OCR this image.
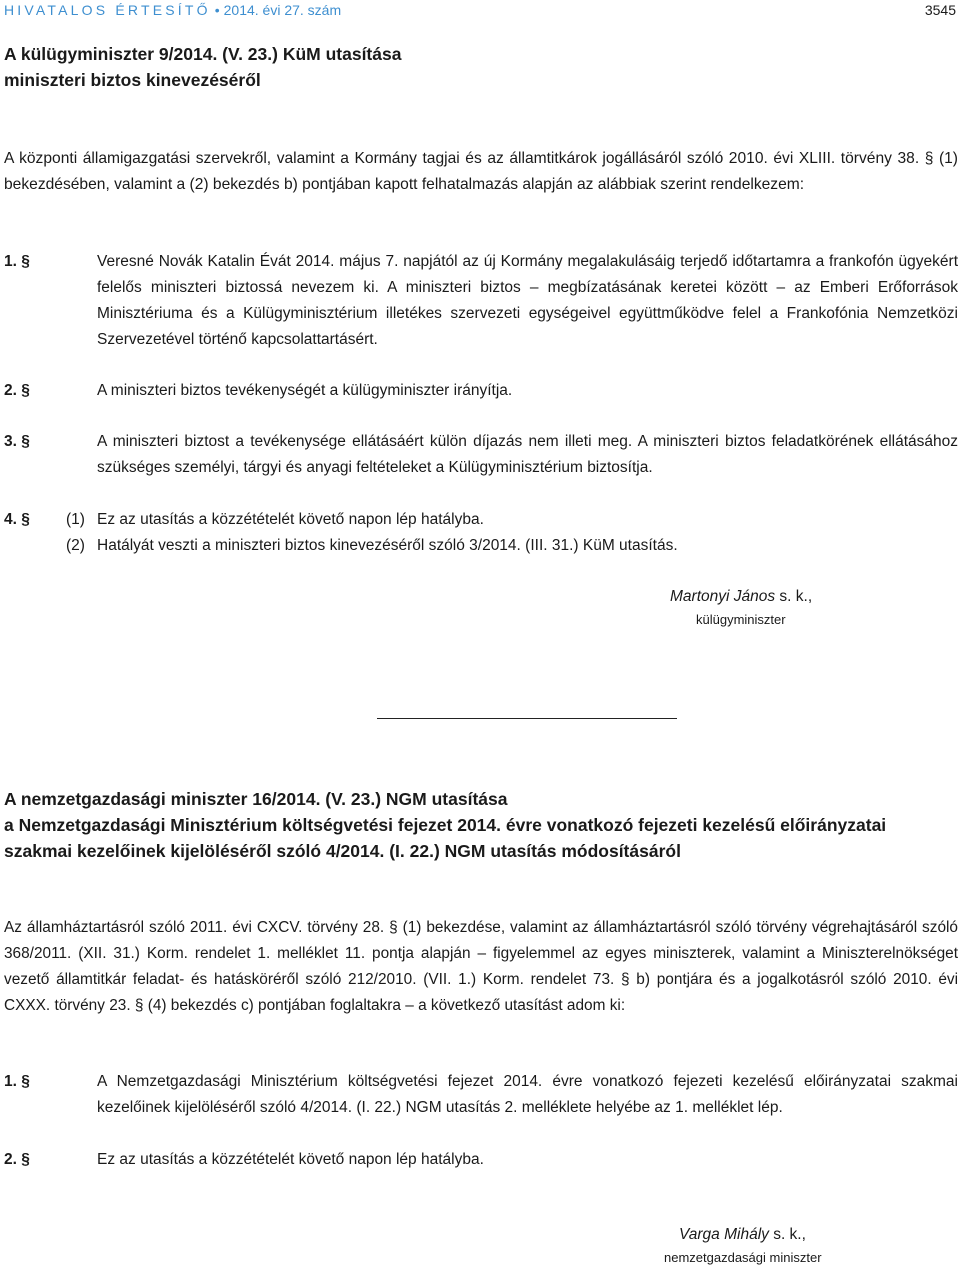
HIVATALOS ÉRTESÍTŐ • 2014. évi 27. szám	3545
A külügyminiszter 9/2014. (V. 23.) KüM utasítása
miniszteri biztos kinevezéséről
A központi államigazgatási szervekről, valamint a Kormány tagjai és az államtitkárok jogállásáról szóló 2010. évi XLIII. törvény 38. § (1) bekezdésében, valamint a (2) bekezdés b) pontjában kapott felhatalmazás alapján az alábbiak szerint rendelkezem:
1. §	Veresné Novák Katalin Évát 2014. május 7. napjától az új Kormány megalakulásáig terjedő időtartamra a frankofón ügyekért felelős miniszteri biztossá nevezem ki. A miniszteri biztos – megbízatásának keretei között – az Emberi Erőforrások Minisztériuma és a Külügyminisztérium illetékes szervezeti egységeivel együttműködve felel a Frankofónia Nemzetközi Szervezetével történő kapcsolattartásért.
2. §	A miniszteri biztos tevékenységét a külügyminiszter irányítja.
3. §	A miniszteri biztost a tevékenysége ellátásáért külön díjazás nem illeti meg. A miniszteri biztos feladatkörének ellátásához szükséges személyi, tárgyi és anyagi feltételeket a Külügyminisztérium biztosítja.
4. § (1) Ez az utasítás a közzétételét követő napon lép hatályba.
(2) Hatályát veszti a miniszteri biztos kinevezéséről szóló 3/2014. (III. 31.) KüM utasítás.
Martonyi János s. k.,
külügyminiszter
A nemzetgazdasági miniszter 16/2014. (V. 23.) NGM utasítása
a Nemzetgazdasági Minisztérium költségvetési fejezet 2014. évre vonatkozó fejezeti kezelésű előirányzatai
szakmai kezelőinek kijelöléséről szóló 4/2014. (I. 22.) NGM utasítás módosításáról
Az államháztartásról szóló 2011. évi CXCV. törvény 28. § (1) bekezdése, valamint az államháztartásról szóló törvény végrehajtásáról szóló 368/2011. (XII. 31.) Korm. rendelet 1. melléklet 11. pontja alapján – figyelemmel az egyes miniszterek, valamint a Miniszterelnökséget vezető államtitkár feladat- és hatásköréről szóló 212/2010. (VII. 1.) Korm. rendelet 73. § b) pontjára és a jogalkotásról szóló 2010. évi CXXX. törvény 23. § (4) bekezdés c) pontjában foglaltakra – a következő utasítást adom ki:
1. §	A Nemzetgazdasági Minisztérium költségvetési fejezet 2014. évre vonatkozó fejezeti kezelésű előirányzatai szakmai kezelőinek kijelöléséről szóló 4/2014. (I. 22.) NGM utasítás 2. melléklete helyébe az 1. melléklet lép.
2. §	Ez az utasítás a közzétételét követő napon lép hatályba.
Varga Mihály s. k.,
nemzetgazdasági miniszter
